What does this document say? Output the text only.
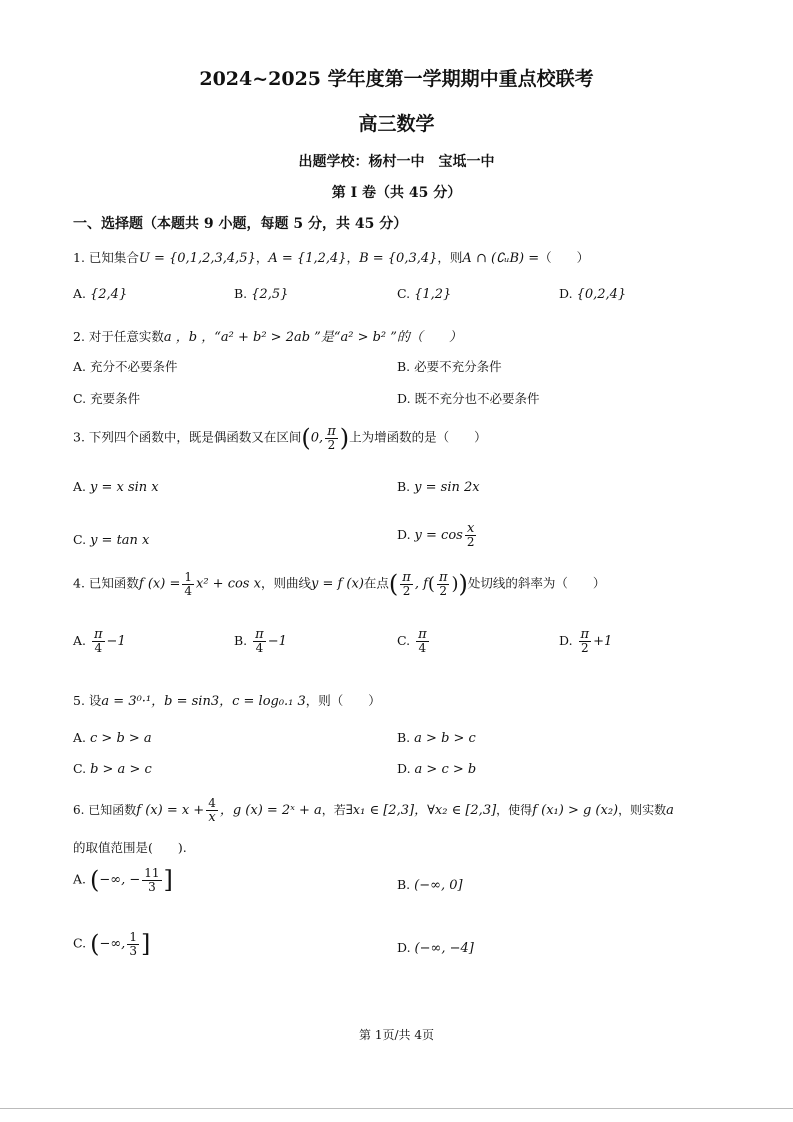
2024~2025 学年度第一学期期中重点校联考
高三数学
出题学校：杨村一中　宝坻一中
第 I 卷（共 45 分）
一、选择题（本题共 9 小题，每题 5 分，共 45 分）
1. 已知集合U = {0,1,2,3,4,5}，A = {1,2,4}，B = {0,3,4}，则A ∩ (∁ᵤB) =（　　）
A. {2,4}	B. {2,5}	C. {1,2}	D. {0,2,4}
2. 对于任意实数a ，b ，“a² + b² > 2ab ”是“a² > b² ”的（　　）
A. 充分不必要条件	B. 必要不充分条件
C. 充要条件	D. 既不充分也不必要条件
3. 下列四个函数中，既是偶函数又在区间(0, $\frac{\pi}{2}$ )上为增函数的是（　　）
A. y = x sin x	B. y = sin 2x
C. y = tan x	D. $y = \cos \frac{x}{2}$
4. 已知函数f $(x) = \frac{1}{4} x^2 + \cos x$，则曲线y = f (x)在点( $\frac{\pi}{2}$ , $f( \frac{\pi}{2}$ ))处切线的斜率为（　　）
A. $\frac{\pi}{4} -1$	B. $\frac{\pi}{4} -1$	C. $\frac{\pi}{4}$	D. $\frac{\pi}{2} +1$
5. 设a = 3⁰·¹，b = sin3，c = log₀.₁ 3，则（　　）
A. c > b > a	B. a > b > c
C. b > a > c	D. a > c > b
6. 已知函数f $(x) = x + \frac{4}{x}$ ，g (x) = 2ˣ + a，若∃x₁ ∈ [2,3]，∀x₂ ∈ [2,3]，使得f (x₁) > g (x₂)，则实数a
的取值范围是(　　).
A. (−∞, − $\frac{11}{3}$ ]	B. (−∞, 0]
C. (−∞, $\frac{1}{3}$ ]	D. (−∞, −4]
第 1页/共 4页
